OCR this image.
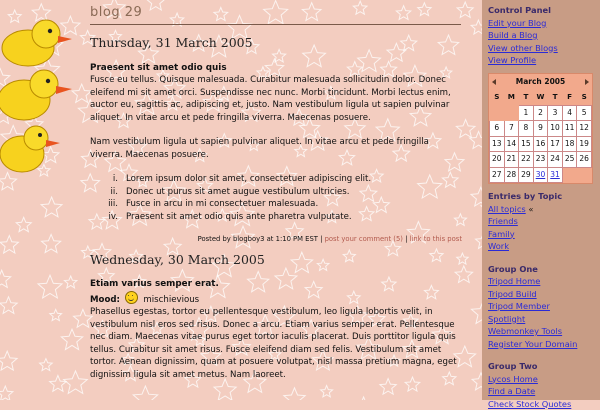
blog 29
Thursday, 31 March 2005

Praesent sit amet odio quis

Fusce eu tellus. Quisque malesuada. Curabitur malesuada sollicitudin dolor. Donec eleifend mi sit amet orci. Suspendisse nec nunc. Morbi tincidunt. Morbi lectus enim, auctor eu, sagittis ac, adipiscing et, justo. Nam vestibulum ligula ut sapien pulvinar aliquet. In vitae arcu et pede fringilla viverra. Maecenas posuere.

Nam vestibulum ligula ut sapien pulvinar aliquet. In vitae arcu et pede fringilla viverra. Maecenas posuere.

i. Lorem ipsum dolor sit amet, consectetuer adipiscing elit.
ii. Donec ut purus sit amet augue vestibulum ultricies.
iii. Fusce in arcu in mi consectetuer malesuada.
iv. Praesent sit amet odio quis ante pharetra vulputate.
Posted by blogboy3 at 1:10 PM EST | post your comment (5) | link to this post
Wednesday, 30 March 2005

Etiam varius semper erat.

Mood:	mischievious

Phasellus egestas, tortor eu pellentesque vestibulum, leo ligula lobortis velit, in vestibulum nisl eros sed risus. Donec a arcu. Etiam varius semper erat. Pellentesque nec diam. Maecenas vitae purus eget tortor iaculis placerat. Duis porttitor ligula quis tellus. Curabitur sit amet risus. Fusce eleifend diam sed felis. Vestibulum sit amet tortor. Aenean dignissim, quam at posuere volutpat, nisl massa pretium magna, eget dignissim ligula sit amet metus. Nam laoreet.

Control Panel

Edit your Blog
Build a Blog
View other Blogs
View Profile
March 2005
S	M	T	W	T	F	S
		1	2	3	4	5
6	7	8	9	10	11	12
13	14	15	16	17	18	19
20	21	22	23	24	25	26
27	28	29	30	31		

Entries by Topic

All topics «
Friends
Family
Work

Group One

Tripod Home
Tripod Build
Tripod Member
Spotlight
Webmonkey Tools
Register Your Domain

Group Two

Lycos Home
Find a Date
Check Stock Quotes
